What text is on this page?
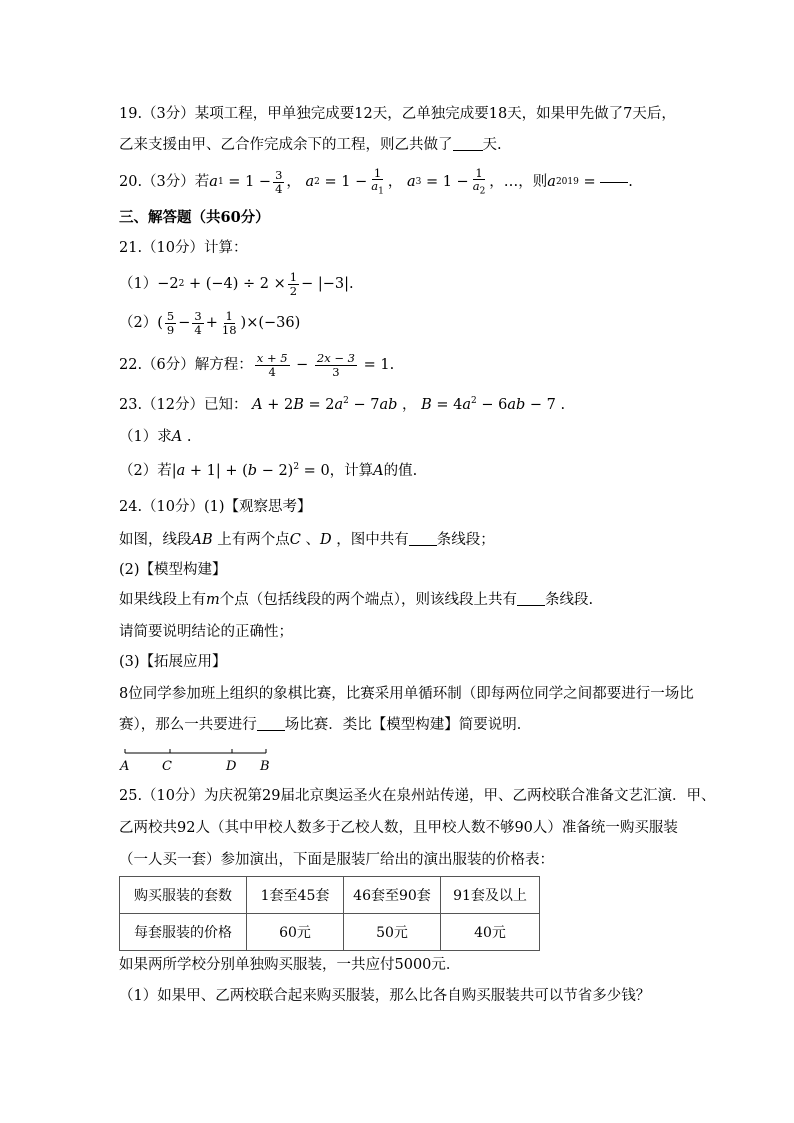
19.（3分）某项工程，甲单独完成要12天，乙单独完成要18天，如果甲先做了7天后，
乙来支援由甲、乙合作完成余下的工程，则乙共做了 天.
20.（3分）若 a $1 = 1 - \frac{3}{4}$ ， a $2 = 1 - \frac{1}{a_1}$ ， a $3 = 1 - \frac{1}{a_2}$ ，…，则 a 2019 = .
三、解答题（共60分）
21.（10分）计算：
（1） −2 $2 + (-4) \div 2 \times \frac{1}{2} - |-3|$.
（2） ( $\frac{5}{9} - \frac{3}{4} + \frac{1}{18}$ ) ×(−36)
22.（6分）解方程： $\frac{x + 5}{4} - \frac{2x - 3}{3}$
= 1.
23.（12分）已知： $A + 2B = 2a^2 - 7ab$ ， $B = 4a^2 - 6ab - 7$ .
（1）求A .
（2）若$|a + 1| + (b - 2)^2 = 0$，计算A的值.
24.（10分）(1)【观察思考】
如图，线段AB 上有两个点C 、D ，图中共有 条线段；
(2)【模型构建】
如果线段上有m个点（包括线段的两个端点），则该线段上共有 条线段.
请简要说明结论的正确性；
(3)【拓展应用】
8位同学参加班上组织的象棋比赛，比赛采用单循环制（即每两位同学之间都要进行一场比
赛），那么一共要进行 场比赛．类比【模型构建】简要说明．
A	C	D B
25.（10分）为庆祝第29届北京奥运圣火在泉州站传递，甲、乙两校联合准备文艺汇演．甲、
乙两校共92人（其中甲校人数多于乙校人数，且甲校人数不够90人）准备统一购买服装
（一人买一套）参加演出，下面是服装厂给出的演出服装的价格表：
购买服装的套数	1套至45套	46套至90套	91套及以上
每套服装的价格	60元	50元	40元
如果两所学校分别单独购买服装，一共应付5000元．
（1）如果甲、乙两校联合起来购买服装，那么比各自购买服装共可以节省多少钱？
